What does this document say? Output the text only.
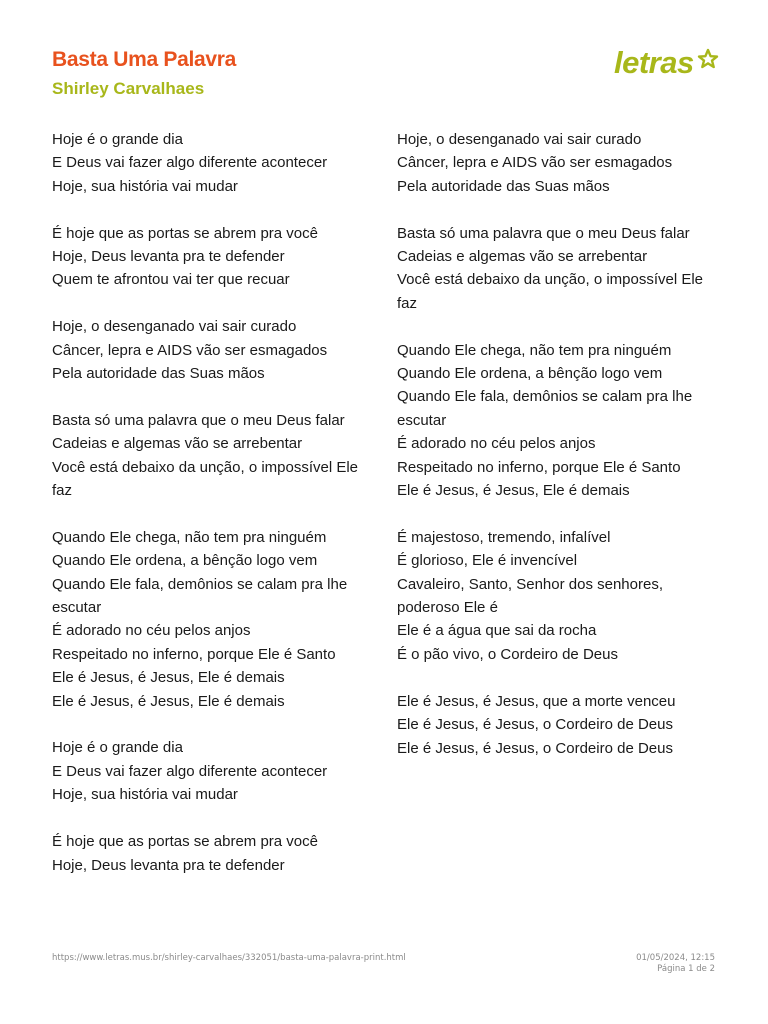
Basta Uma Palavra
Shirley Carvalhaes
letras

Hoje é o grande dia
E Deus vai fazer algo diferente acontecer
Hoje, sua história vai mudar

É hoje que as portas se abrem pra você
Hoje, Deus levanta pra te defender
Quem te afrontou vai ter que recuar

Hoje, o desenganado vai sair curado
Câncer, lepra e AIDS vão ser esmagados
Pela autoridade das Suas mãos

Basta só uma palavra que o meu Deus falar
Cadeias e algemas vão se arrebentar
Você está debaixo da unção, o impossível Ele faz

Quando Ele chega, não tem pra ninguém
Quando Ele ordena, a bênção logo vem
Quando Ele fala, demônios se calam pra lhe escutar
É adorado no céu pelos anjos
Respeitado no inferno, porque Ele é Santo
Ele é Jesus, é Jesus, Ele é demais
Ele é Jesus, é Jesus, Ele é demais

Hoje é o grande dia
E Deus vai fazer algo diferente acontecer
Hoje, sua história vai mudar

É hoje que as portas se abrem pra você
Hoje, Deus levanta pra te defender

Hoje, o desenganado vai sair curado
Câncer, lepra e AIDS vão ser esmagados
Pela autoridade das Suas mãos

Basta só uma palavra que o meu Deus falar
Cadeias e algemas vão se arrebentar
Você está debaixo da unção, o impossível Ele faz

Quando Ele chega, não tem pra ninguém
Quando Ele ordena, a bênção logo vem
Quando Ele fala, demônios se calam pra lhe escutar
É adorado no céu pelos anjos
Respeitado no inferno, porque Ele é Santo
Ele é Jesus, é Jesus, Ele é demais

É majestoso, tremendo, infalível
É glorioso, Ele é invencível
Cavaleiro, Santo, Senhor dos senhores, poderoso Ele é
Ele é a água que sai da rocha
É o pão vivo, o Cordeiro de Deus

Ele é Jesus, é Jesus, que a morte venceu
Ele é Jesus, é Jesus, o Cordeiro de Deus
Ele é Jesus, é Jesus, o Cordeiro de Deus

https://www.letras.mus.br/shirley-carvalhaes/332051/basta-uma-palavra-print.html	01/05/2024, 12:15
Página 1 de 2
